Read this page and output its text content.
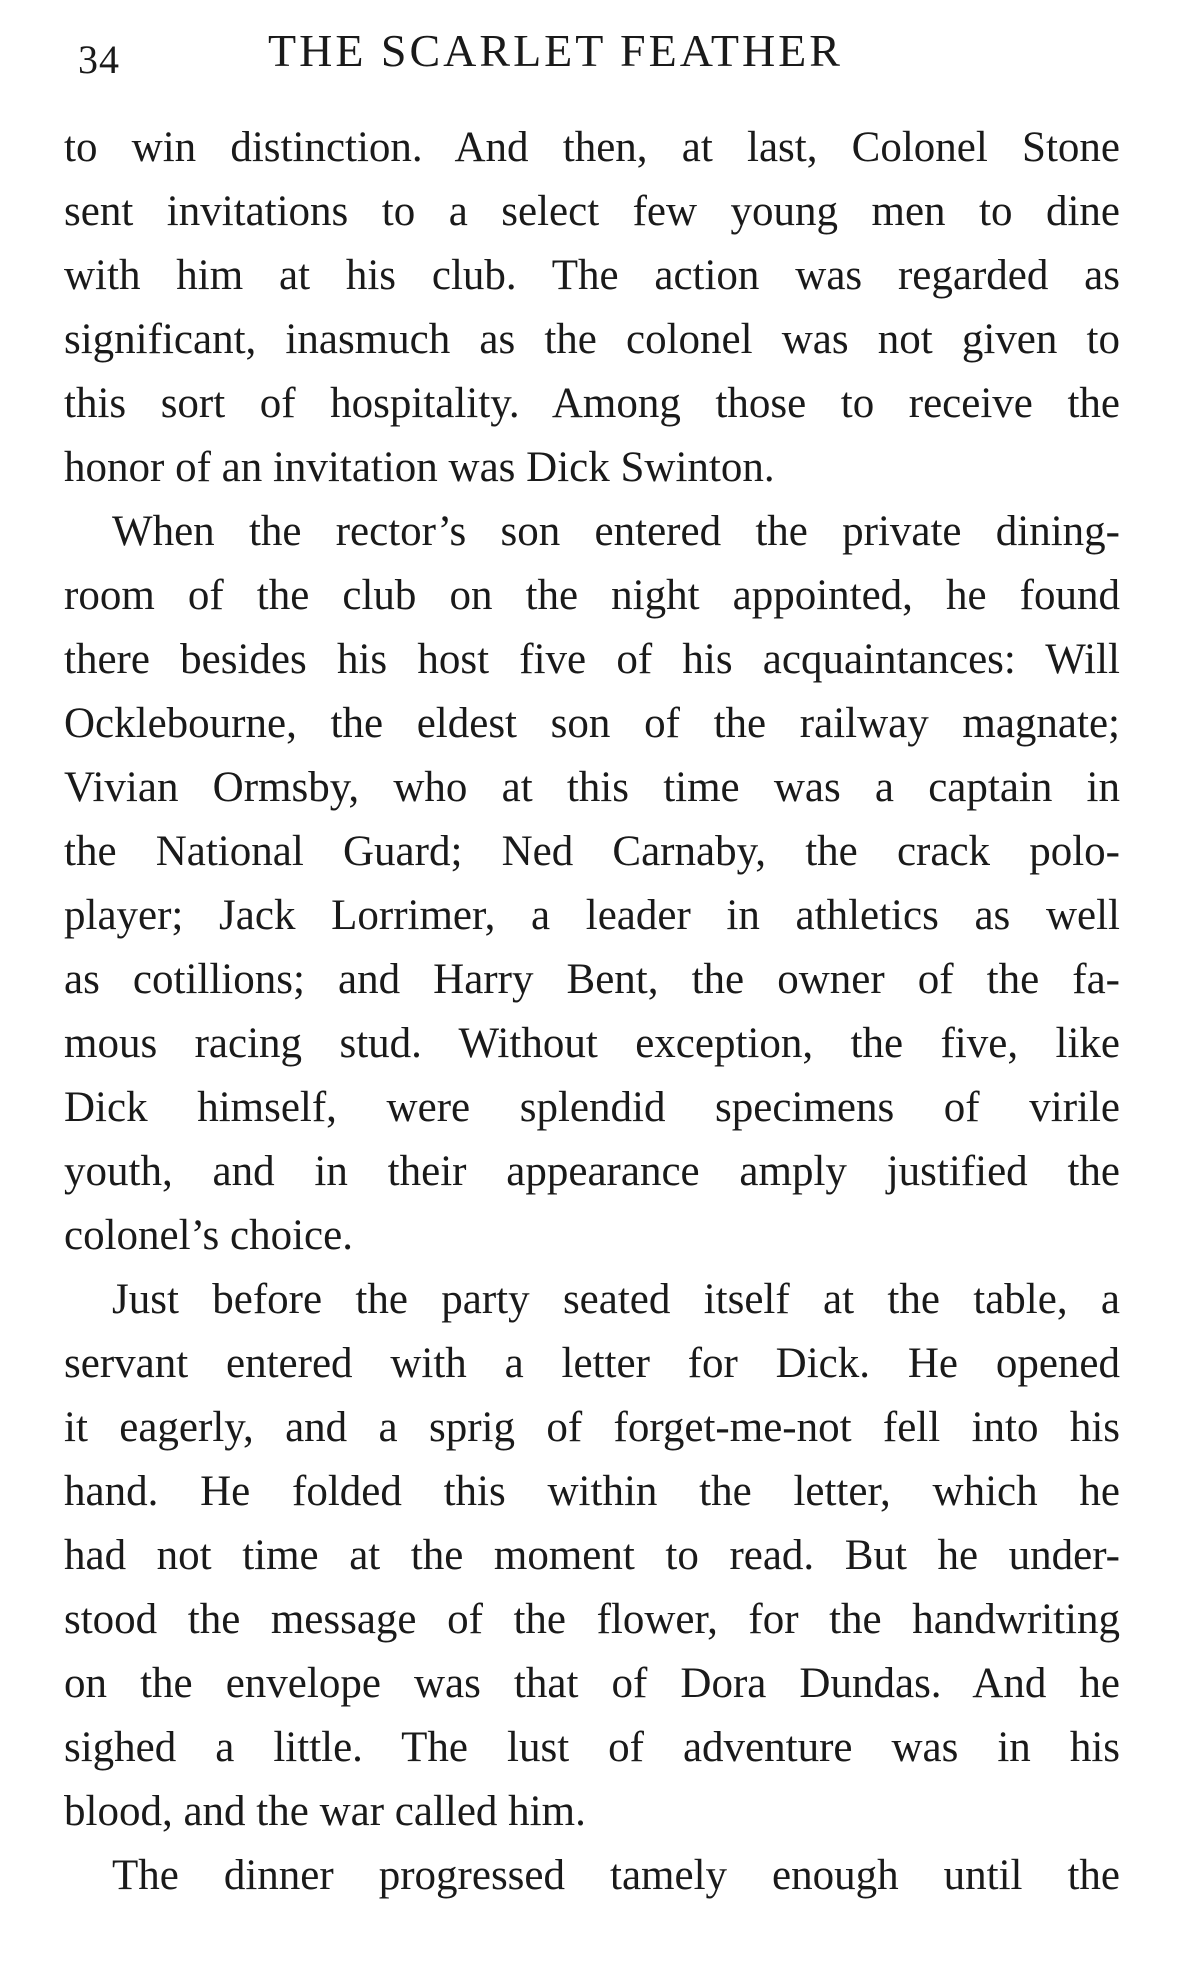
34	THE SCARLET FEATHER
to win distinction. And then, at last, Colonel Stone
sent invitations to a select few young men to dine
with him at his club. The action was regarded as
significant, inasmuch as the colonel was not given to
this sort of hospitality. Among those to receive the
honor of an invitation was Dick Swinton.
When the rector’s son entered the private dining-
room of the club on the night appointed, he found
there besides his host five of his acquaintances: Will
Ocklebourne, the eldest son of the railway magnate;
Vivian Ormsby, who at this time was a captain in
the National Guard; Ned Carnaby, the crack polo-
player; Jack Lorrimer, a leader in athletics as well
as cotillions; and Harry Bent, the owner of the fa-
mous racing stud. Without exception, the five, like
Dick himself, were splendid specimens of virile
youth, and in their appearance amply justified the
colonel’s choice.
Just before the party seated itself at the table, a
servant entered with a letter for Dick. He opened
it eagerly, and a sprig of forget-me-not fell into his
hand. He folded this within the letter, which he
had not time at the moment to read. But he under-
stood the message of the flower, for the handwriting
on the envelope was that of Dora Dundas. And he
sighed a little. The lust of adventure was in his
blood, and the war called him.
The dinner progressed tamely enough until the
